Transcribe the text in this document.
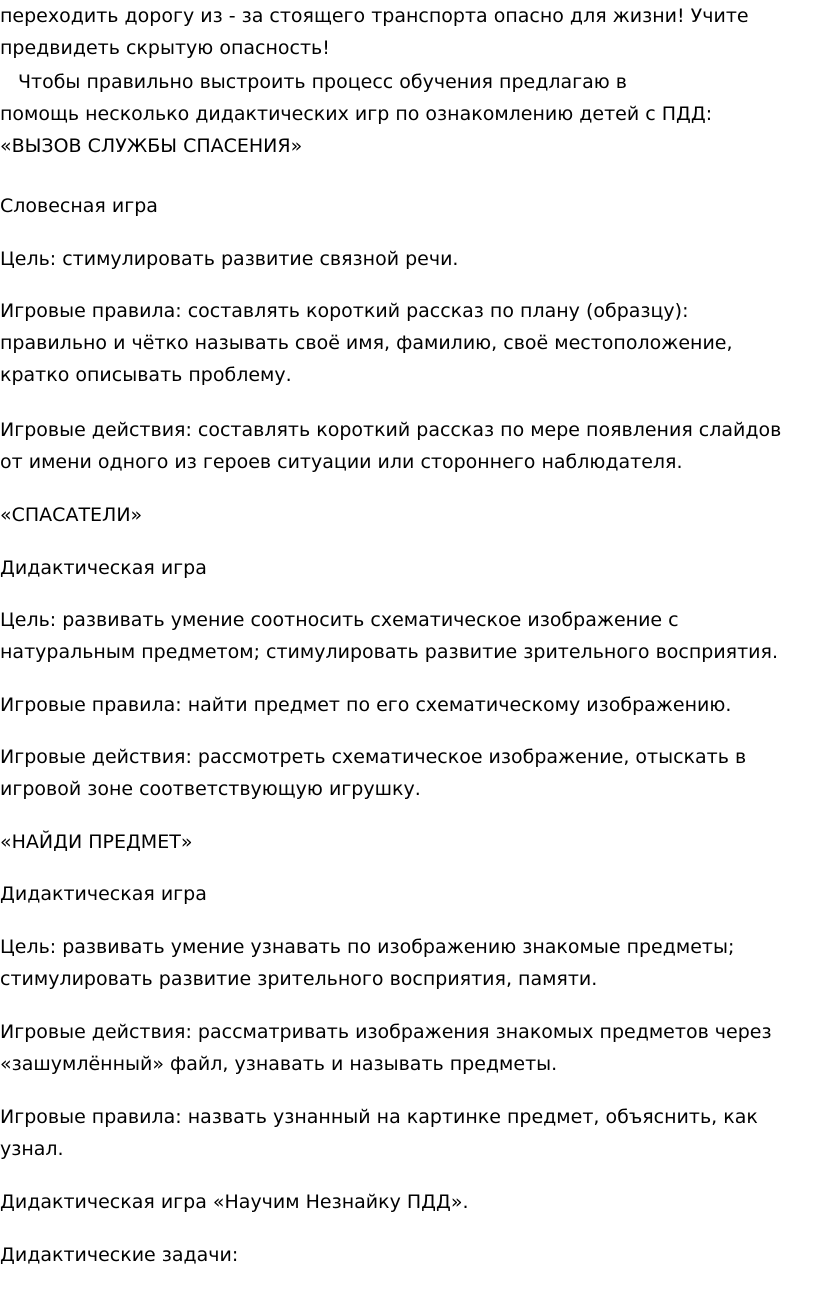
переходить дорогу из - за стоящего транспорта опасно для жизни! Учите
предвидеть скрытую опасность!

Чтобы правильно выстроить процесс обучения предлагаю в
помощь несколько дидактических игр по ознакомлению детей с ПДД:
«ВЫЗОВ СЛУЖБЫ СПАСЕНИЯ»

Словесная игра

Цель: стимулировать развитие связной речи.

Игровые правила: составлять короткий рассказ по плану (образцу):
правильно и чётко называть своё имя, фамилию, своё местоположение,
кратко описывать проблему.

Игровые действия: составлять короткий рассказ по мере появления слайдов
от имени одного из героев ситуации или стороннего наблюдателя.

«СПАСАТЕЛИ»

Дидактическая игра

Цель: развивать умение соотносить схематическое изображение с
натуральным предметом; стимулировать развитие зрительного восприятия.

Игровые правила: найти предмет по его схематическому изображению.

Игровые действия: рассмотреть схематическое изображение, отыскать в
игровой зоне соответствующую игрушку.

«НАЙДИ ПРЕДМЕТ»

Дидактическая игра

Цель: развивать умение узнавать по изображению знакомые предметы;
стимулировать развитие зрительного восприятия, памяти.

Игровые действия: рассматривать изображения знакомых предметов через
«зашумлённый» файл, узнавать и называть предметы.

Игровые правила: назвать узнанный на картинке предмет, объяснить, как
узнал.

Дидактическая игра «Научим Незнайку ПДД».

Дидактические задачи:
